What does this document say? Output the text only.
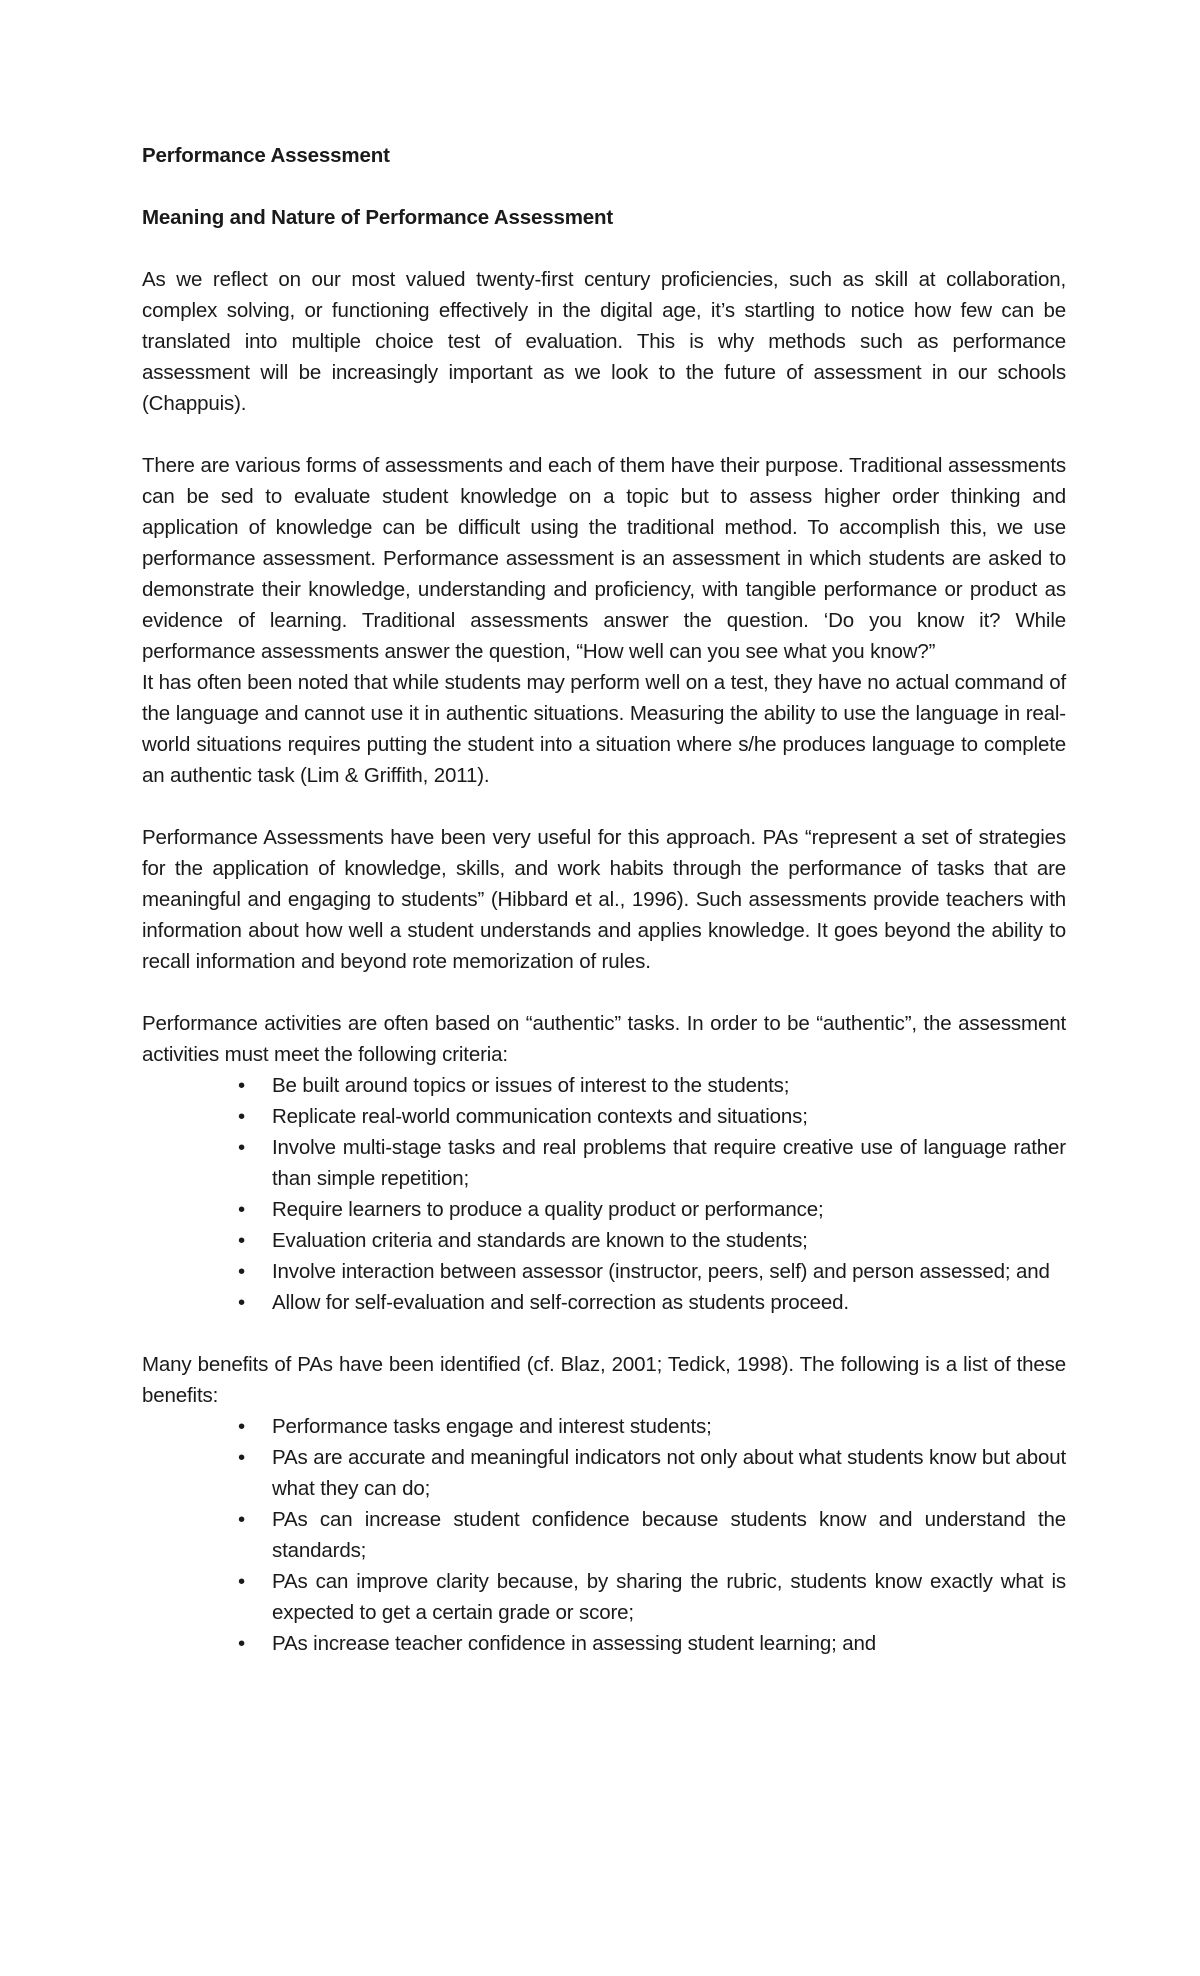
Performance Assessment
Meaning and Nature of Performance Assessment

As we reflect on our most valued twenty-first century proficiencies, such as skill at collaboration, complex solving, or functioning effectively in the digital age, it’s startling to notice how few can be translated into multiple choice test of evaluation. This is why methods such as performance assessment will be increasingly important as we look to the future of assessment in our schools (Chappuis).

There are various forms of assessments and each of them have their purpose. Traditional assessments can be sed to evaluate student knowledge on a topic but to assess higher order thinking and application of knowledge can be difficult using the traditional method. To accomplish this, we use performance assessment. Performance assessment is an assessment in which students are asked to demonstrate their knowledge, understanding and proficiency, with tangible performance or product as evidence of learning. Traditional assessments answer the question. ‘Do you know it? While performance assessments answer the question, “How well can you see what you know?”

It has often been noted that while students may perform well on a test, they have no actual command of the language and cannot use it in authentic situations. Measuring the ability to use the language in real-world situations requires putting the student into a situation where s/he produces language to complete an authentic task (Lim & Griffith, 2011).

Performance Assessments have been very useful for this approach. PAs “represent a set of strategies for the application of knowledge, skills, and work habits through the performance of tasks that are meaningful and engaging to students” (Hibbard et al., 1996). Such assessments provide teachers with information about how well a student understands and applies knowledge. It goes beyond the ability to recall information and beyond rote memorization of rules.

Performance activities are often based on “authentic” tasks. In order to be “authentic”, the assessment activities must meet the following criteria:

• Be built around topics or issues of interest to the students;
• Replicate real-world communication contexts and situations;
• Involve multi-stage tasks and real problems that require creative use of language rather than simple repetition;
• Require learners to produce a quality product or performance;
• Evaluation criteria and standards are known to the students;
• Involve interaction between assessor (instructor, peers, self) and person assessed; and
• Allow for self-evaluation and self-correction as students proceed.

Many benefits of PAs have been identified (cf. Blaz, 2001; Tedick, 1998). The following is a list of these benefits:

• Performance tasks engage and interest students;
• PAs are accurate and meaningful indicators not only about what students know but about what they can do;
• PAs can increase student confidence because students know and understand the standards;
• PAs can improve clarity because, by sharing the rubric, students know exactly what is expected to get a certain grade or score;
• PAs increase teacher confidence in assessing student learning; and
